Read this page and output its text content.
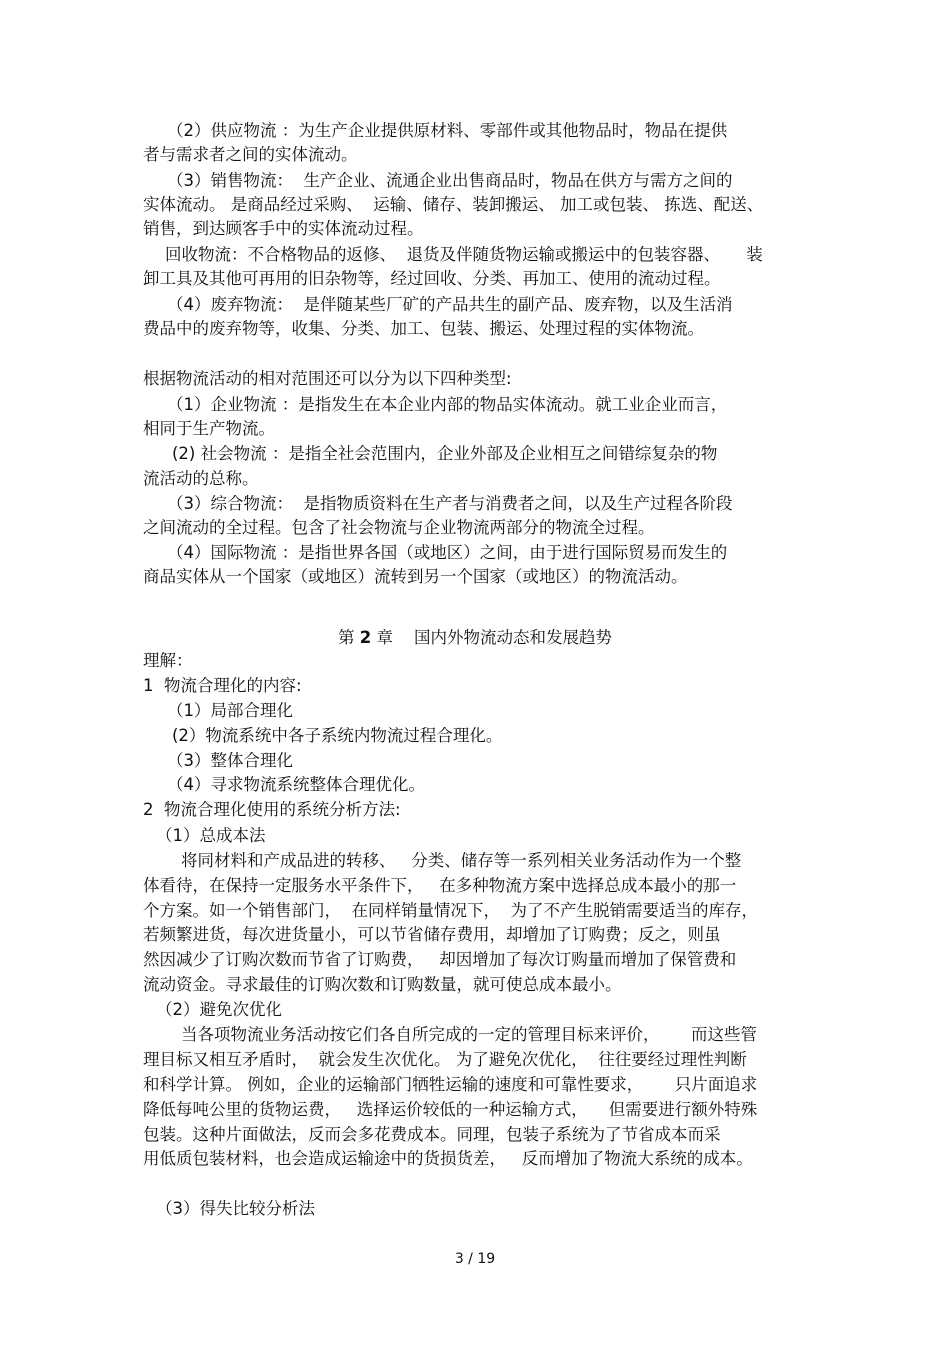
（2）供应物流 ：为生产企业提供原材料、零部件或其他物品时，物品在提供
者与需求者之间的实体流动。
（3）销售物流：  生产企业、流通企业出售商品时，物品在供方与需方之间的
实体流动。 是商品经过采购、  运输、储存、装卸搬运、 加工或包装、 拣选、配送、
销售，到达顾客手中的实体流动过程。
回收物流：不合格物品的返修、  退货及伴随货物运输或搬运中的包装容器、     装
卸工具及其他可再用的旧杂物等，经过回收、分类、再加工、使用的流动过程。
（4）废弃物流：  是伴随某些厂矿的产品共生的副产品、废弃物，以及生活消
费品中的废弃物等，收集、分类、加工、包装、搬运、处理过程的实体物流。
根据物流活动的相对范围还可以分为以下四种类型:
（1）企业物流 ：是指发生在本企业内部的物品实体流动。就工业企业而言，
相同于生产物流。
(2) 社会物流 ：是指全社会范围内，企业外部及企业相互之间错综复杂的物
流活动的总称。
（3）综合物流：  是指物质资料在生产者与消费者之间，以及生产过程各阶段
之间流动的全过程。包含了社会物流与企业物流两部分的物流全过程。
（4）国际物流 ：是指世界各国（或地区）之间，由于进行国际贸易而发生的
商品实体从一个国家（或地区）流转到另一个国家（或地区）的物流活动。
第 2 章    国内外物流动态和发展趋势
理解：
1  物流合理化的内容:
（1）局部合理化
(2）物流系统中各子系统内物流过程合理化。
（3）整体合理化
（4）寻求物流系统整体合理优化。
2  物流合理化使用的系统分析方法:
（1）总成本法
将同材料和产成品进的转移、   分类、储存等一系列相关业务活动作为一个整
体看待，在保持一定服务水平条件下，   在多种物流方案中选择总成本最小的那一
个方案。如一个销售部门，  在同样销量情况下，  为了不产生脱销需要适当的库存，
若频繁进货，每次进货量小，可以节省储存费用，却增加了订购费；反之，则虽
然因减少了订购次数而节省了订购费，   却因增加了每次订购量而增加了保管费和
流动资金。寻求最佳的订购次数和订购数量，就可使总成本最小。
（2）避免次优化
当各项物流业务活动按它们各自所完成的一定的管理目标来评价，      而这些管
理目标又相互矛盾时，  就会发生次优化。 为了避免次优化，  往往要经过理性判断
和科学计算。 例如，企业的运输部门牺牲运输的速度和可靠性要求，      只片面追求
降低每吨公里的货物运费，   选择运价较低的一种运输方式，    但需要进行额外特殊
包装。这种片面做法，反而会多花费成本。同理，包装子系统为了节省成本而采
用低质包装材料，也会造成运输途中的货损货差，   反而增加了物流大系统的成本。
（3）得失比较分析法
3 / 19
